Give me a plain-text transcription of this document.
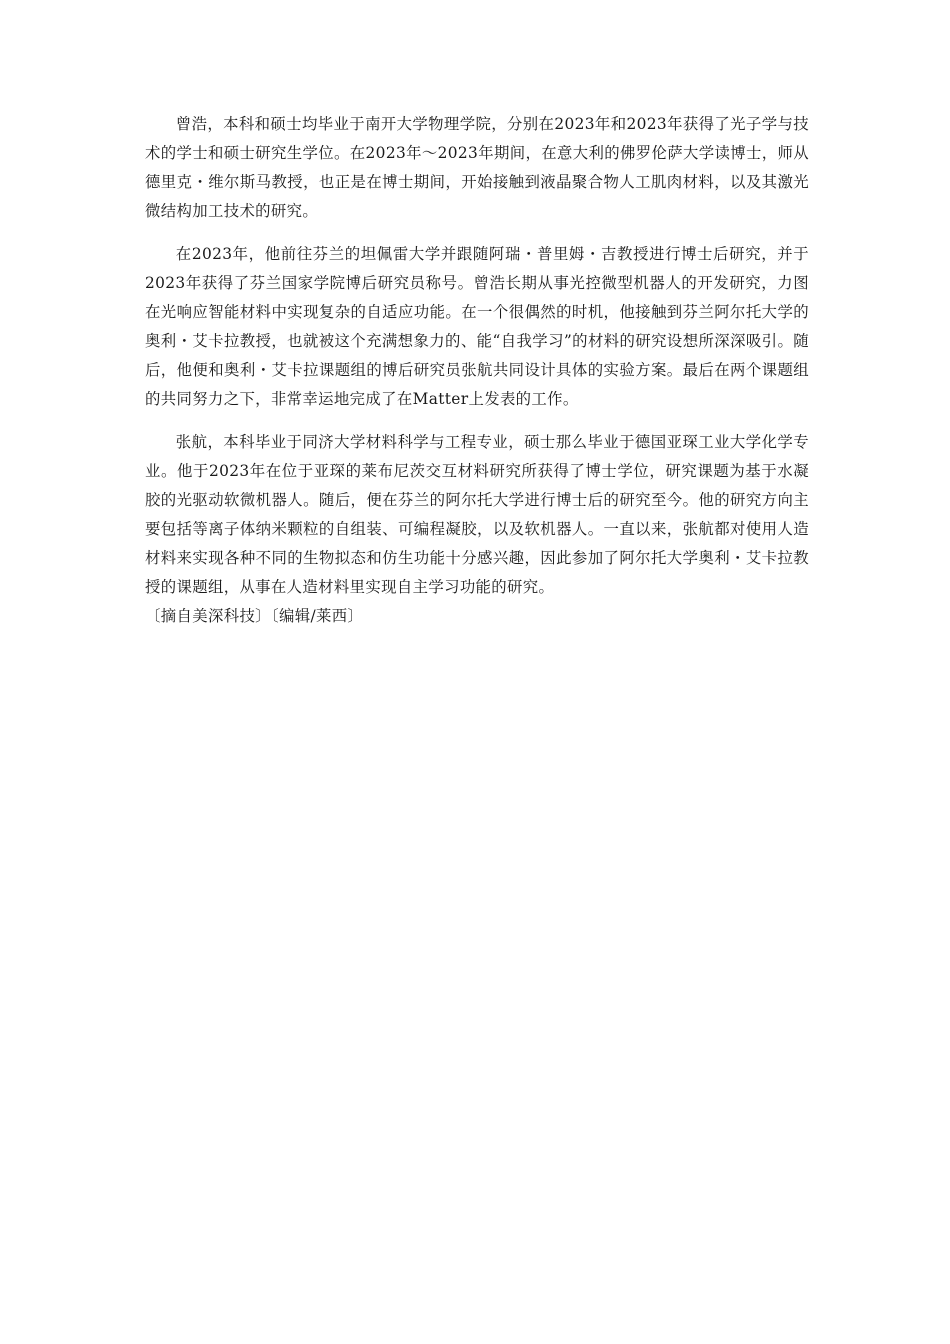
曾浩，本科和硕士均毕业于南开大学物理学院，分别在2023年和2023年获得了光子学与技术的学士和硕士研究生学位。在2023年～2023年期间，在意大利的佛罗伦萨大学读博士，师从德里克・维尔斯马教授，也正是在博士期间，开始接触到液晶聚合物人工肌肉材料，以及其激光微结构加工技术的研究。

在2023年，他前往芬兰的坦佩雷大学并跟随阿瑞・普里姆・吉教授进行博士后研究，并于2023年获得了芬兰国家学院博后研究员称号。曾浩长期从事光控微型机器人的开发研究，力图在光响应智能材料中实现复杂的自适应功能。在一个很偶然的时机，他接触到芬兰阿尔托大学的奥利・艾卡拉教授，也就被这个充满想象力的、能“自我学习”的材料的研究设想所深深吸引。随后，他便和奥利・艾卡拉课题组的博后研究员张航共同设计具体的实验方案。最后在两个课题组的共同努力之下，非常幸运地完成了在Matter上发表的工作。

张航，本科毕业于同济大学材料科学与工程专业，硕士那么毕业于德国亚琛工业大学化学专业。他于2023年在位于亚琛的莱布尼茨交互材料研究所获得了博士学位，研究课题为基于水凝胶的光驱动软微机器人。随后，便在芬兰的阿尔托大学进行博士后的研究至今。他的研究方向主要包括等离子体纳米颗粒的自组装、可编程凝胶，以及软机器人。一直以来，张航都对使用人造材料来实现各种不同的生物拟态和仿生功能十分感兴趣，因此参加了阿尔托大学奥利・艾卡拉教授的课题组，从事在人造材料里实现自主学习功能的研究。
〔摘自美深科技〕〔编辑/莱西〕
